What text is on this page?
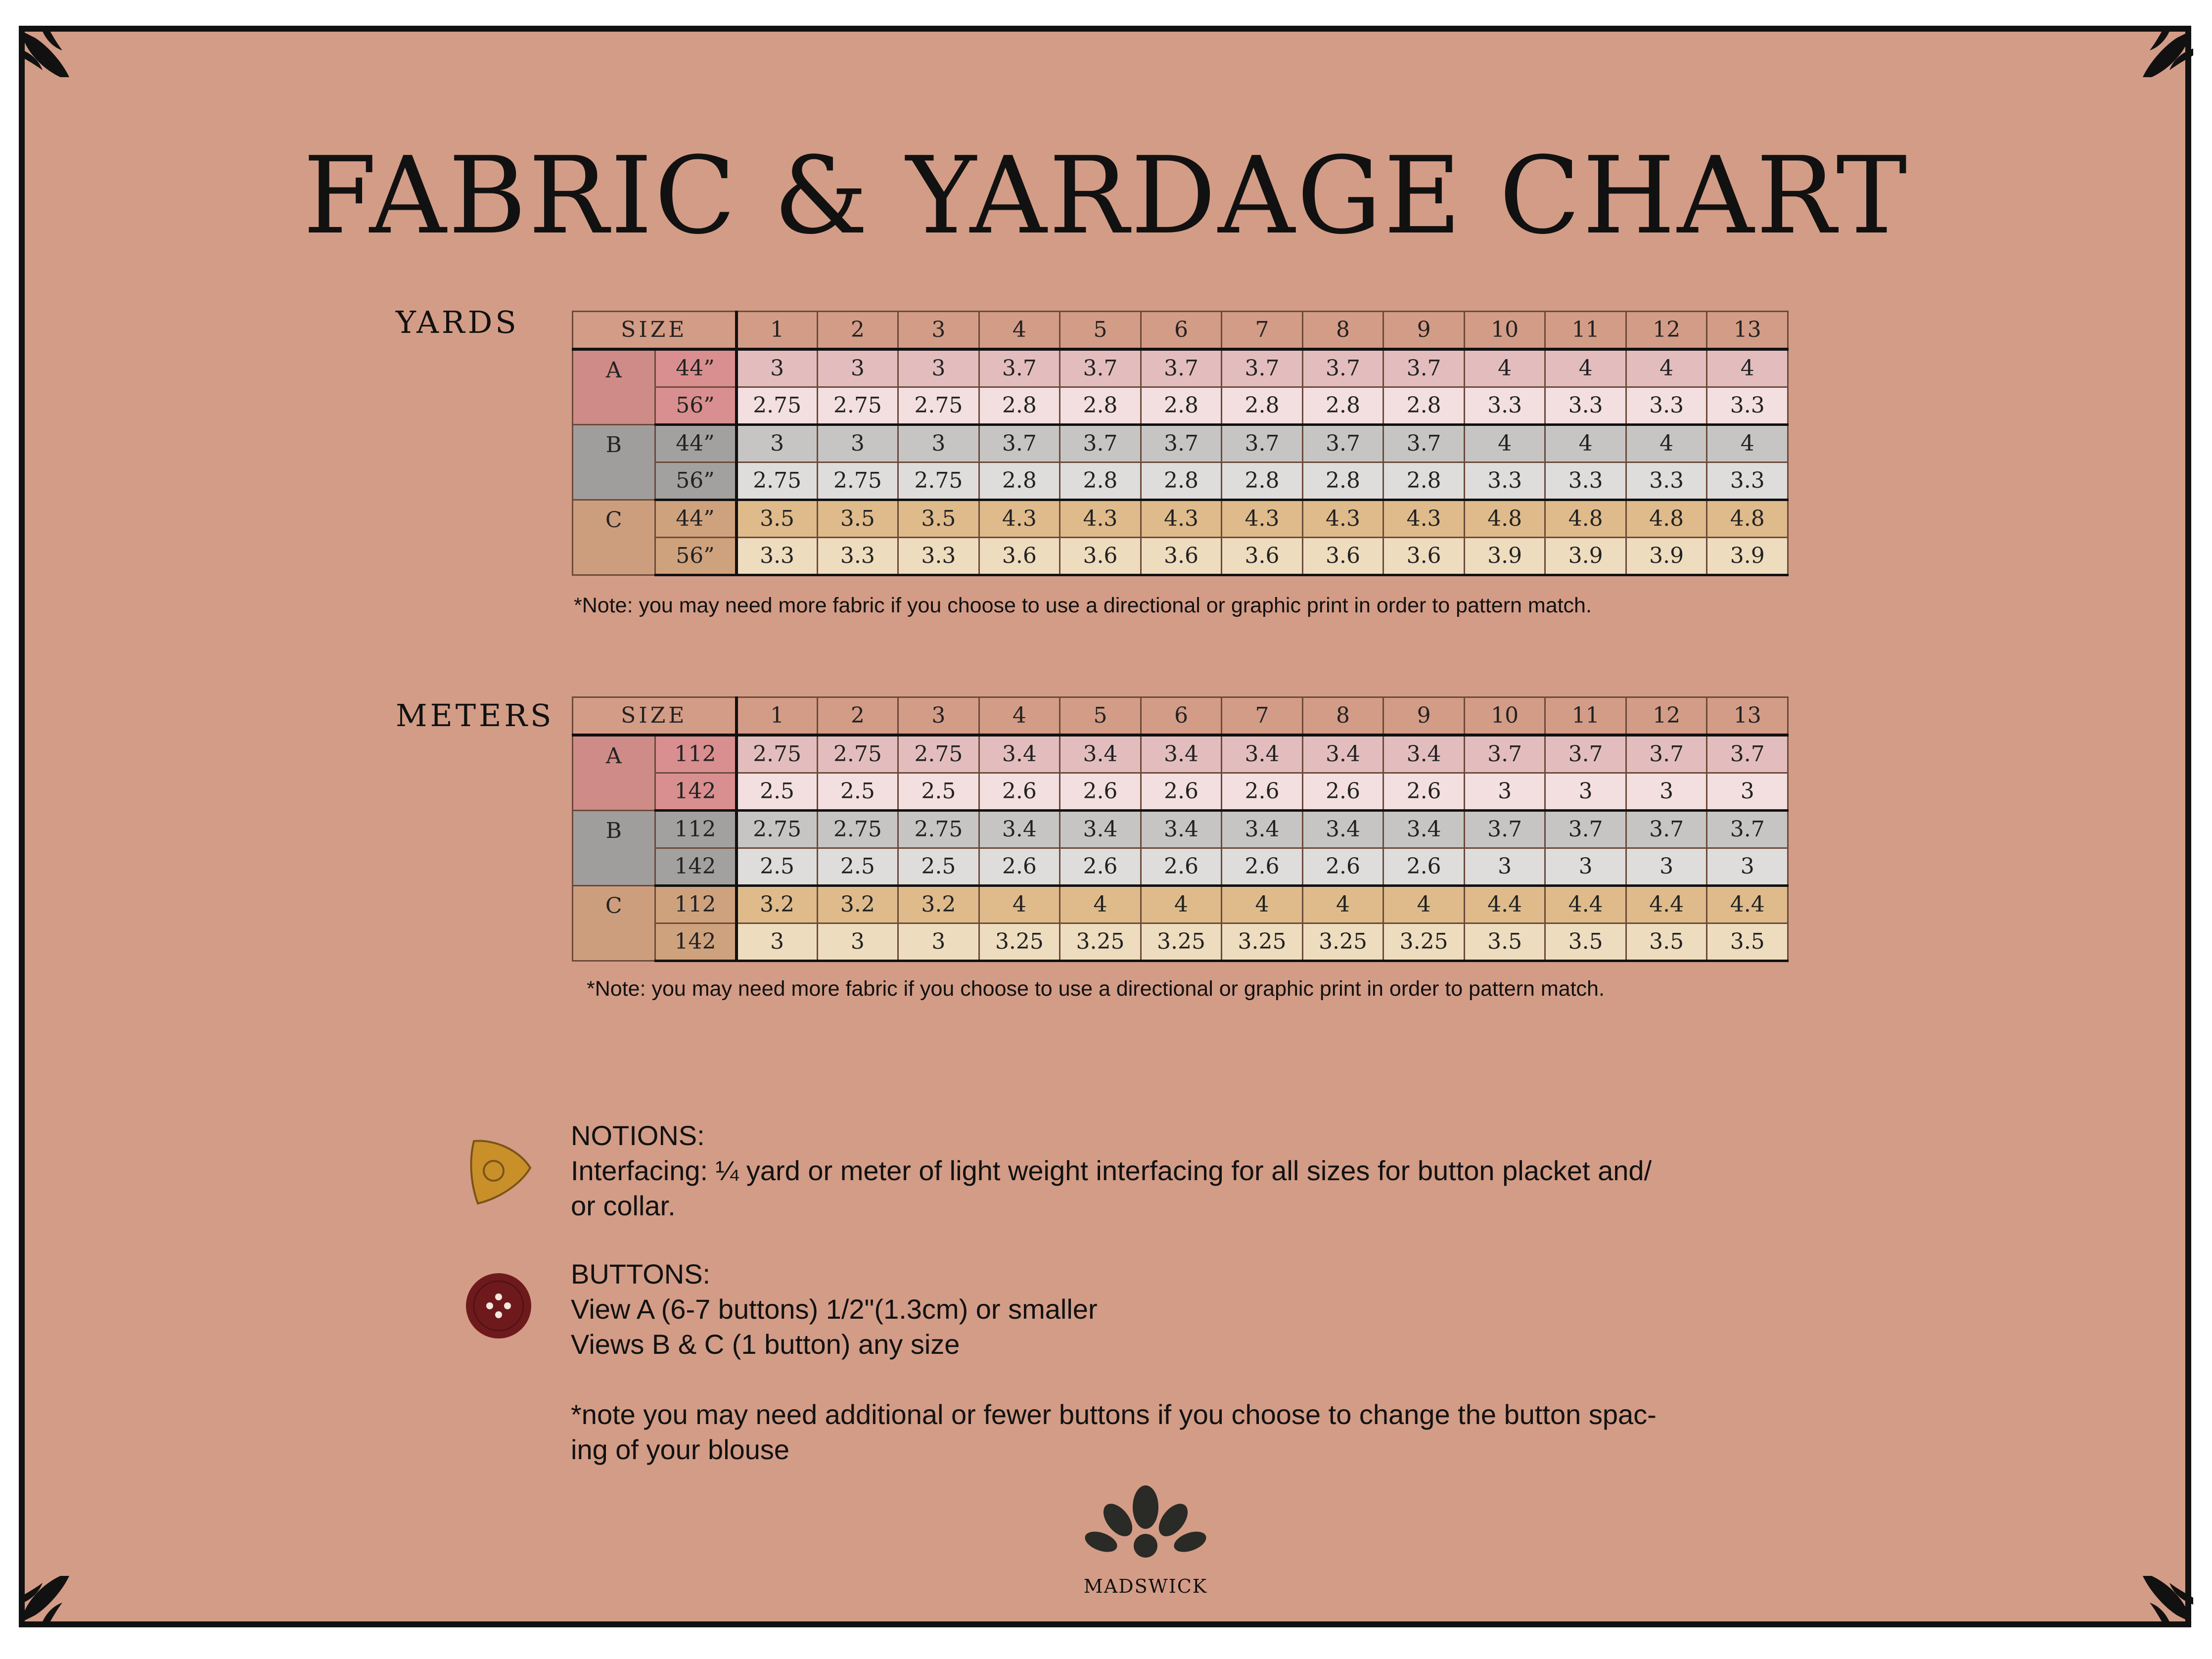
FABRIC & YARDAGE CHART
YARDS	SIZE		1	2	3	4	5	6	7	8	9	10	11	12	13
A	44”	3	3	3	3.7	3.7	3.7	3.7	3.7	3.7	4	4	4	4
	56”	2.75	2.75	2.75	2.8	2.8	2.8	2.8	2.8	2.8	3.3	3.3	3.3	3.3
B	44”	3	3	3	3.7	3.7	3.7	3.7	3.7	3.7	4	4	4	4
	56”	2.75	2.75	2.75	2.8	2.8	2.8	2.8	2.8	2.8	3.3	3.3	3.3	3.3
C	44”	3.5	3.5	3.5	4.3	4.3	4.3	4.3	4.3	4.3	4.8	4.8	4.8	4.8
	56”	3.3	3.3	3.3	3.6	3.6	3.6	3.6	3.6	3.6	3.9	3.9	3.9	3.9
*Note: you may need more fabric if you choose to use a directional or graphic print in order to pattern match.
METERS	SIZE		1	2	3	4	5	6	7	8	9	10	11	12	13
A	112	2.75	2.75	2.75	3.4	3.4	3.4	3.4	3.4	3.4	3.7	3.7	3.7	3.7
	142	2.5	2.5	2.5	2.6	2.6	2.6	2.6	2.6	2.6	3	3	3	3
B	112	2.75	2.75	2.75	3.4	3.4	3.4	3.4	3.4	3.4	3.7	3.7	3.7	3.7
	142	2.5	2.5	2.5	2.6	2.6	2.6	2.6	2.6	2.6	3	3	3	3
C	112	3.2	3.2	3.2	4	4	4	4	4	4	4.4	4.4	4.4	4.4
	142	3	3	3	3.25	3.25	3.25	3.25	3.25	3.25	3.5	3.5	3.5	3.5
*Note: you may need more fabric if you choose to use a directional or graphic print in order to pattern match.
NOTIONS:
Interfacing: ¼ yard or meter of light weight interfacing for all sizes for button placket and/
or collar.
BUTTONS:
View A (6-7 buttons) 1/2"(1.3cm) or smaller
Views B & C (1 button) any size
*note you may need additional or fewer buttons if you choose to change the button spac-
ing of your blouse
MADSWICK
